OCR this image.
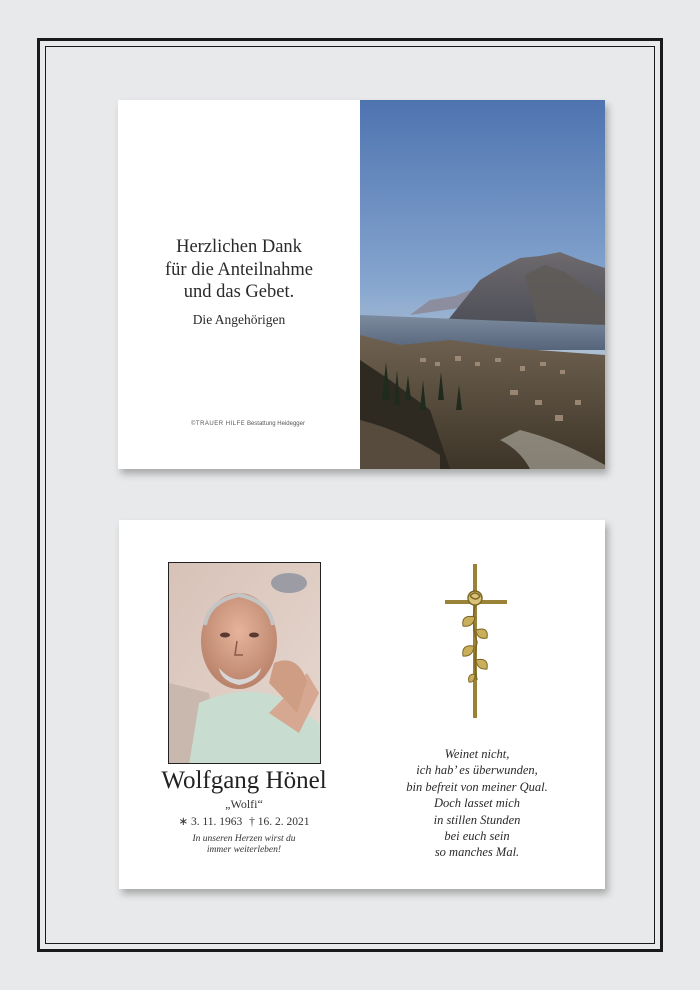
Herzlichen Dank
für die Anteilnahme
und das Gebet.
Die Angehörigen
©TRAUER HILFE Bestattung Heidegger
Wolfgang Hönel
„Wolfi“
∗ 3. 11. 1963 † 16. 2. 2021
In unseren Herzen wirst du
immer weiterleben!
Weinet nicht,
ich hab’ es überwunden,
bin befreit von meiner Qual.
Doch lasset mich
in stillen Stunden
bei euch sein
so manches Mal.
